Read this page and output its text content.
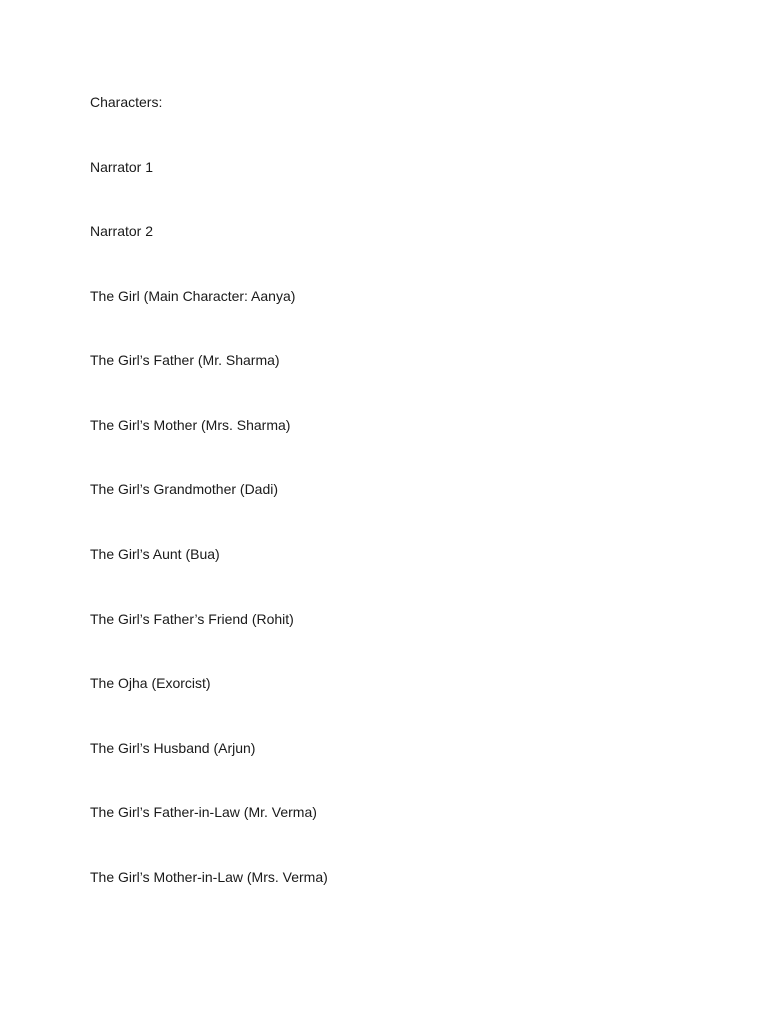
Characters:

Narrator 1
Narrator 2
The Girl (Main Character: Aanya)
The Girl’s Father (Mr. Sharma)
The Girl’s Mother (Mrs. Sharma)
The Girl’s Grandmother (Dadi)
The Girl’s Aunt (Bua)
The Girl’s Father’s Friend (Rohit)
The Ojha (Exorcist)
The Girl’s Husband (Arjun)
The Girl’s Father-in-Law (Mr. Verma)
The Girl’s Mother-in-Law (Mrs. Verma)
